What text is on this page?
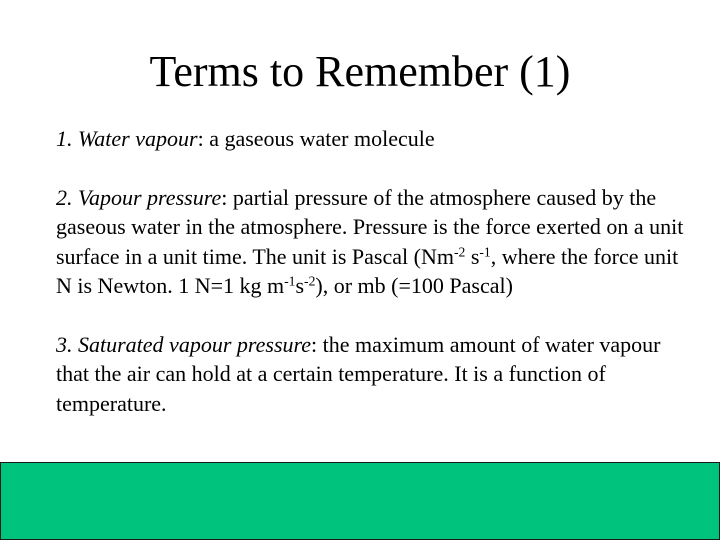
Terms to Remember (1)

1. Water vapour: a gaseous water molecule

2. Vapour pressure: partial pressure of the atmosphere caused by the gaseous water in the atmosphere. Pressure is the force exerted on a unit surface in a unit time. The unit is Pascal ($Nm^{-2}$ $s^{-1}$, where the force unit N is Newton. 1 N=1 kg $m^{-1}s^{-2}$), or mb (=100 Pascal)

3. Saturated vapour pressure: the maximum amount of water vapour that the air can hold at a certain temperature. It is a function of temperature.
